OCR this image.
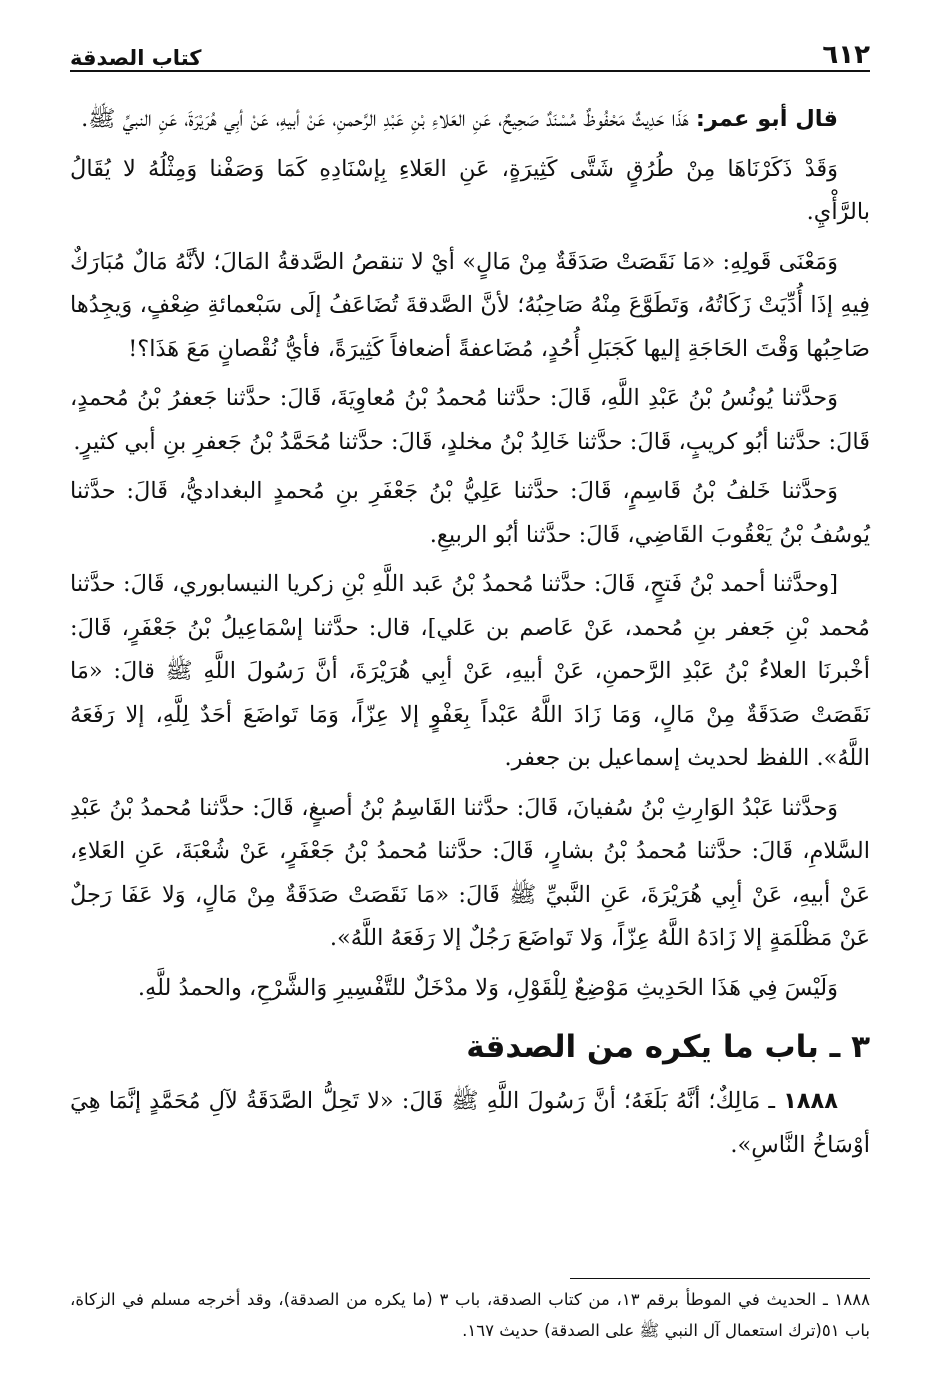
٦١٢
كتاب الصدقة

قال أبو عمر: هَذَا حَدِيثٌ مَحْفُوظٌ مُسْنَدٌ صَحِيحٌ، عَنِ العَلاءِ بْنِ عَبْدِ الرَّحمنِ، عَنْ أبيهِ، عَنْ أبِي هُرَيْرَةَ، عَنِ النبيِّ ﷺ.

وَقَدْ ذَكَرْنَاهَا مِنْ طُرُقٍ شَتَّى كَثِيرَةٍ، عَنِ العَلاءِ بِإسْنَادِهِ كَمَا وَصَفْنا وَمِثْلُهُ لا يُقَالُ بالرَّأْيِ.

وَمَعْنَى قَولِهِ: «مَا نَقَصَتْ صَدَقَةٌ مِنْ مَالٍ» أيْ لا تنقصُ الصَّدقةُ المَالَ؛ لأنَّهُ مَالٌ مُبَارَكٌ فِيهِ إذَا أُدِّيَتْ زَكَاتُهُ، وَتَطَوَّعَ مِنْهُ صَاحِبُهُ؛ لأنَّ الصَّدقةَ تُضَاعَفُ إلَى سَبْعمائةِ ضِعْفٍ، وَيجِدُها صَاحِبُها وَقْتَ الحَاجَةِ إليها كَجَبَلِ أُحُدٍ، مُضَاعفةً أضعافاً كَثِيرَةً، فأيُّ نُقْصانٍ مَعَ هَذَا؟!

وَحدَّثنا يُونُسُ بْنُ عَبْدِ اللَّهِ، قَالَ: حدَّثنا مُحمدُ بْنُ مُعاوِيَةَ، قَالَ: حدَّثنا جَعفرُ بْنُ مُحمدٍ، قَالَ: حدَّثنا أبُو كريبٍ، قَالَ: حدَّثنا خَالِدُ بْنُ مخلدٍ، قَالَ: حدَّثنا مُحَمَّدُ بْنُ جَعفرِ بنِ أبي كثيرٍ.

وَحدَّثنا خَلفُ بْنُ قَاسِمٍ، قَالَ: حدَّثنا عَلِيُّ بْنُ جَعْفَرِ بنِ مُحمدٍ البغداديُّ، قَالَ: حدَّثنا يُوسُفُ بْنُ يَعْقُوبَ القَاضِي، قَالَ: حدَّثنا أبُو الربيعِ.

[وحدَّثنا أحمد بْنُ فَتحٍ، قَالَ: حدَّثنا مُحمدُ بْنُ عَبد اللَّهِ بْنِ زكريا النيسابوري، قَالَ: حدَّثنا مُحمد بْنِ جَعفر بنِ مُحمد، عَنْ عَاصم بن عَلي]، قال: حدَّثنا إسْمَاعِيلُ بْنُ جَعْفَرٍ، قَالَ: أخْبرنَا العلاءُ بْنُ عَبْدِ الرَّحمنِ، عَنْ أبيهِ، عَنْ أبِي هُرَيْرَةَ، أنَّ رَسُولَ اللَّهِ ﷺ قالَ: «مَا نَقَصَتْ صَدَقَةٌ مِنْ مَالٍ، وَمَا زَادَ اللَّهُ عَبْداً بِعَفْوٍ إلا عِزّاً، وَمَا تَواضَعَ أحَدٌ لِلَّهِ، إلا رَفَعَهُ اللَّهُ». اللفظ لحديث إسماعيل بن جعفر.

وَحدَّثنا عَبْدُ الوَارِثِ بْنُ سُفيانَ، قَالَ: حدَّثنا القَاسِمُ بْنُ أصبغٍ، قَالَ: حدَّثنا مُحمدُ بْنُ عَبْدِ السَّلامِ، قَالَ: حدَّثنا مُحمدُ بْنُ بشارٍ، قَالَ: حدَّثنا مُحمدُ بْنُ جَعْفَرٍ، عَنْ شُعْبَةَ، عَنِ العَلاءِ، عَنْ أبيهِ، عَنْ أبِي هُرَيْرَةَ، عَنِ النَّبيِّ ﷺ قَالَ: «مَا نَقَصَتْ صَدَقَةٌ مِنْ مَالٍ، وَلا عَفَا رَجلٌ عَنْ مَظْلَمَةٍ إلا زَادَهُ اللَّهُ عِزّاً، وَلا تَواضَعَ رَجُلٌ إلا رَفَعَهُ اللَّهُ».

وَلَيْسَ فِي هَذَا الحَدِيثِ مَوْضِعٌ لِلْقَوْلِ، وَلا مدْخَلٌ للتَّفْسِيرِ وَالشَّرْحِ، والحمدُ للَّهِ.

٣ ـ باب ما يكره من الصدقة

١٨٨٨ ـ مَالِكٌ؛ أنَّهُ بَلَغَهُ؛ أنَّ رَسُولَ اللَّهِ ﷺ قَالَ: «لا تَحِلُّ الصَّدَقَةُ لآلِ مُحَمَّدٍ إنَّمَا هِيَ أوْسَاخُ النَّاسِ».

١٨٨٨ ـ الحديث في الموطأ برقم ١٣، من كتاب الصدقة، باب ٣ (ما يكره من الصدقة)، وقد أخرجه مسلم في الزكاة، باب ٥١(ترك استعمال آل النبي ﷺ على الصدقة) حديث ١٦٧.
